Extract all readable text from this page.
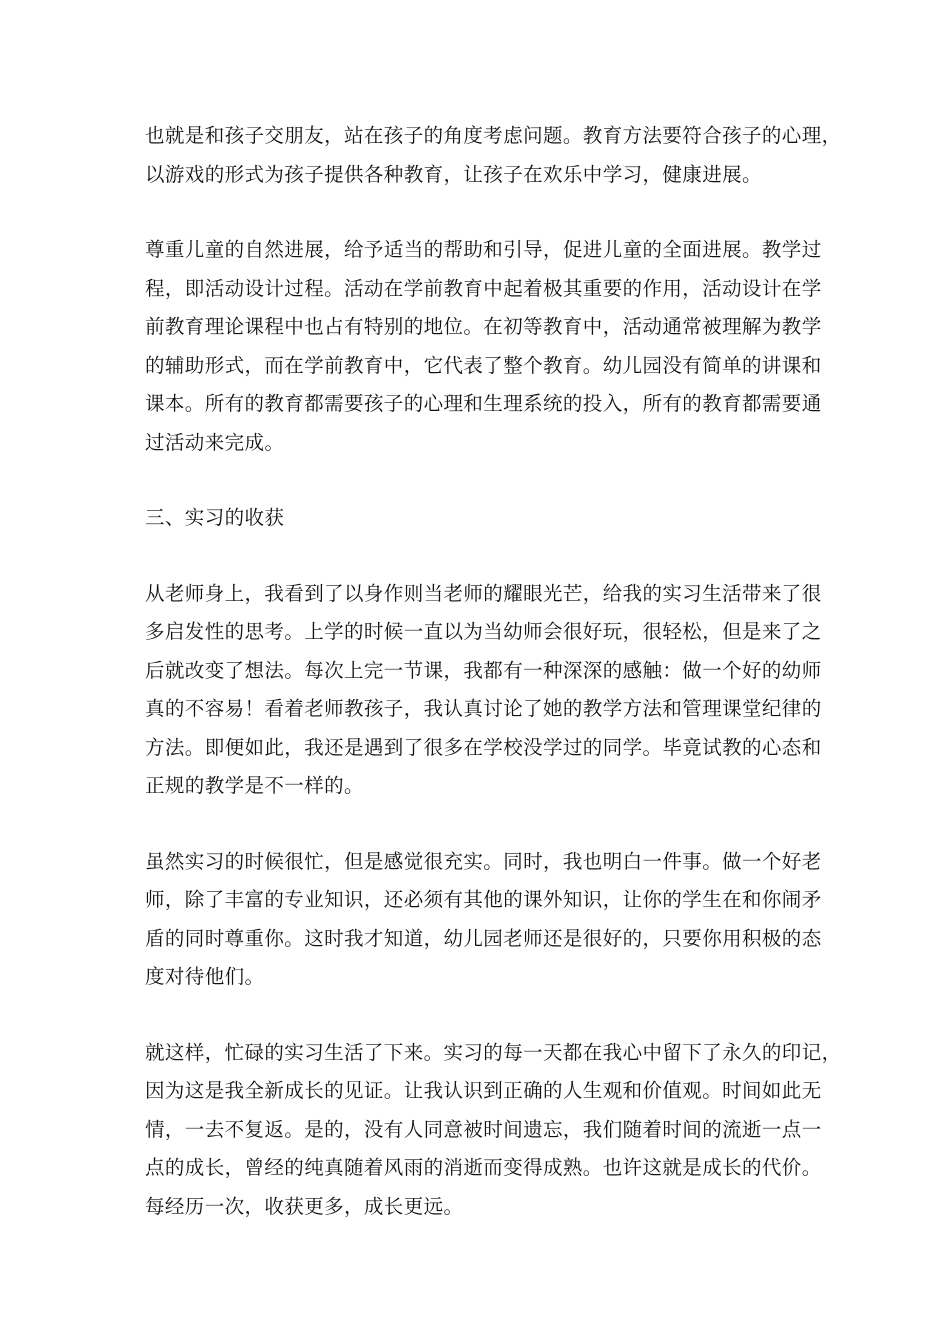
也就是和孩子交朋友，站在孩子的角度考虑问题。教育方法要符合孩子的心理，
以游戏的形式为孩子提供各种教育，让孩子在欢乐中学习，健康进展。

尊重儿童的自然进展，给予适当的帮助和引导，促进儿童的全面进展。教学过
程，即活动设计过程。活动在学前教育中起着极其重要的作用，活动设计在学
前教育理论课程中也占有特别的地位。在初等教育中，活动通常被理解为教学
的辅助形式，而在学前教育中，它代表了整个教育。幼儿园没有简单的讲课和
课本。所有的教育都需要孩子的心理和生理系统的投入，所有的教育都需要通
过活动来完成。

三、实习的收获

从老师身上，我看到了以身作则当老师的耀眼光芒，给我的实习生活带来了很
多启发性的思考。上学的时候一直以为当幼师会很好玩，很轻松，但是来了之
后就改变了想法。每次上完一节课，我都有一种深深的感触：做一个好的幼师
真的不容易！看着老师教孩子，我认真讨论了她的教学方法和管理课堂纪律的
方法。即便如此，我还是遇到了很多在学校没学过的同学。毕竟试教的心态和
正规的教学是不一样的。

虽然实习的时候很忙，但是感觉很充实。同时，我也明白一件事。做一个好老
师，除了丰富的专业知识，还必须有其他的课外知识，让你的学生在和你闹矛
盾的同时尊重你。这时我才知道，幼儿园老师还是很好的，只要你用积极的态
度对待他们。

就这样，忙碌的实习生活了下来。实习的每一天都在我心中留下了永久的印记，
因为这是我全新成长的见证。让我认识到正确的人生观和价值观。时间如此无
情，一去不复返。是的，没有人同意被时间遗忘，我们随着时间的流逝一点一
点的成长，曾经的纯真随着风雨的消逝而变得成熟。也许这就是成长的代价。
每经历一次，收获更多，成长更远。
